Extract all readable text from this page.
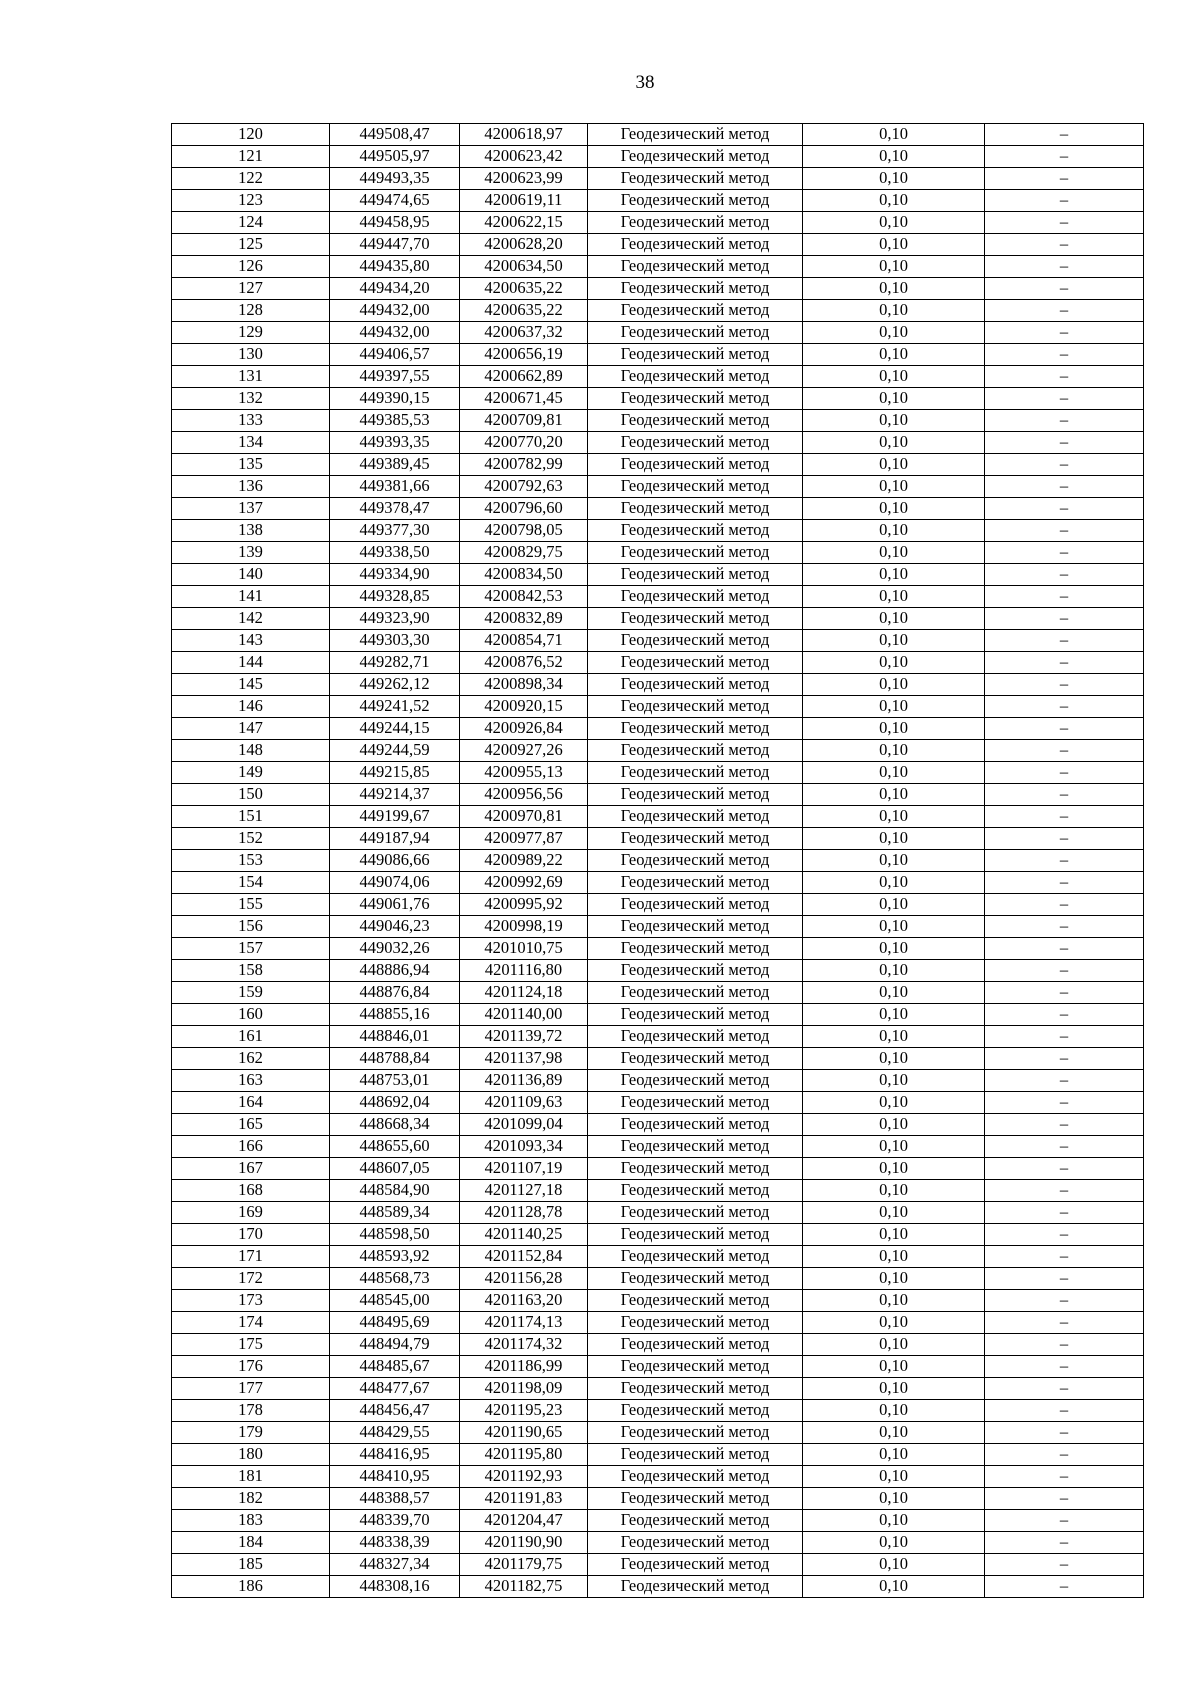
38
120	449508,47	4200618,97	Геодезический метод	0,10	–
121	449505,97	4200623,42	Геодезический метод	0,10	–
122	449493,35	4200623,99	Геодезический метод	0,10	–
123	449474,65	4200619,11	Геодезический метод	0,10	–
124	449458,95	4200622,15	Геодезический метод	0,10	–
125	449447,70	4200628,20	Геодезический метод	0,10	–
126	449435,80	4200634,50	Геодезический метод	0,10	–
127	449434,20	4200635,22	Геодезический метод	0,10	–
128	449432,00	4200635,22	Геодезический метод	0,10	–
129	449432,00	4200637,32	Геодезический метод	0,10	–
130	449406,57	4200656,19	Геодезический метод	0,10	–
131	449397,55	4200662,89	Геодезический метод	0,10	–
132	449390,15	4200671,45	Геодезический метод	0,10	–
133	449385,53	4200709,81	Геодезический метод	0,10	–
134	449393,35	4200770,20	Геодезический метод	0,10	–
135	449389,45	4200782,99	Геодезический метод	0,10	–
136	449381,66	4200792,63	Геодезический метод	0,10	–
137	449378,47	4200796,60	Геодезический метод	0,10	–
138	449377,30	4200798,05	Геодезический метод	0,10	–
139	449338,50	4200829,75	Геодезический метод	0,10	–
140	449334,90	4200834,50	Геодезический метод	0,10	–
141	449328,85	4200842,53	Геодезический метод	0,10	–
142	449323,90	4200832,89	Геодезический метод	0,10	–
143	449303,30	4200854,71	Геодезический метод	0,10	–
144	449282,71	4200876,52	Геодезический метод	0,10	–
145	449262,12	4200898,34	Геодезический метод	0,10	–
146	449241,52	4200920,15	Геодезический метод	0,10	–
147	449244,15	4200926,84	Геодезический метод	0,10	–
148	449244,59	4200927,26	Геодезический метод	0,10	–
149	449215,85	4200955,13	Геодезический метод	0,10	–
150	449214,37	4200956,56	Геодезический метод	0,10	–
151	449199,67	4200970,81	Геодезический метод	0,10	–
152	449187,94	4200977,87	Геодезический метод	0,10	–
153	449086,66	4200989,22	Геодезический метод	0,10	–
154	449074,06	4200992,69	Геодезический метод	0,10	–
155	449061,76	4200995,92	Геодезический метод	0,10	–
156	449046,23	4200998,19	Геодезический метод	0,10	–
157	449032,26	4201010,75	Геодезический метод	0,10	–
158	448886,94	4201116,80	Геодезический метод	0,10	–
159	448876,84	4201124,18	Геодезический метод	0,10	–
160	448855,16	4201140,00	Геодезический метод	0,10	–
161	448846,01	4201139,72	Геодезический метод	0,10	–
162	448788,84	4201137,98	Геодезический метод	0,10	–
163	448753,01	4201136,89	Геодезический метод	0,10	–
164	448692,04	4201109,63	Геодезический метод	0,10	–
165	448668,34	4201099,04	Геодезический метод	0,10	–
166	448655,60	4201093,34	Геодезический метод	0,10	–
167	448607,05	4201107,19	Геодезический метод	0,10	–
168	448584,90	4201127,18	Геодезический метод	0,10	–
169	448589,34	4201128,78	Геодезический метод	0,10	–
170	448598,50	4201140,25	Геодезический метод	0,10	–
171	448593,92	4201152,84	Геодезический метод	0,10	–
172	448568,73	4201156,28	Геодезический метод	0,10	–
173	448545,00	4201163,20	Геодезический метод	0,10	–
174	448495,69	4201174,13	Геодезический метод	0,10	–
175	448494,79	4201174,32	Геодезический метод	0,10	–
176	448485,67	4201186,99	Геодезический метод	0,10	–
177	448477,67	4201198,09	Геодезический метод	0,10	–
178	448456,47	4201195,23	Геодезический метод	0,10	–
179	448429,55	4201190,65	Геодезический метод	0,10	–
180	448416,95	4201195,80	Геодезический метод	0,10	–
181	448410,95	4201192,93	Геодезический метод	0,10	–
182	448388,57	4201191,83	Геодезический метод	0,10	–
183	448339,70	4201204,47	Геодезический метод	0,10	–
184	448338,39	4201190,90	Геодезический метод	0,10	–
185	448327,34	4201179,75	Геодезический метод	0,10	–
186	448308,16	4201182,75	Геодезический метод	0,10	–
